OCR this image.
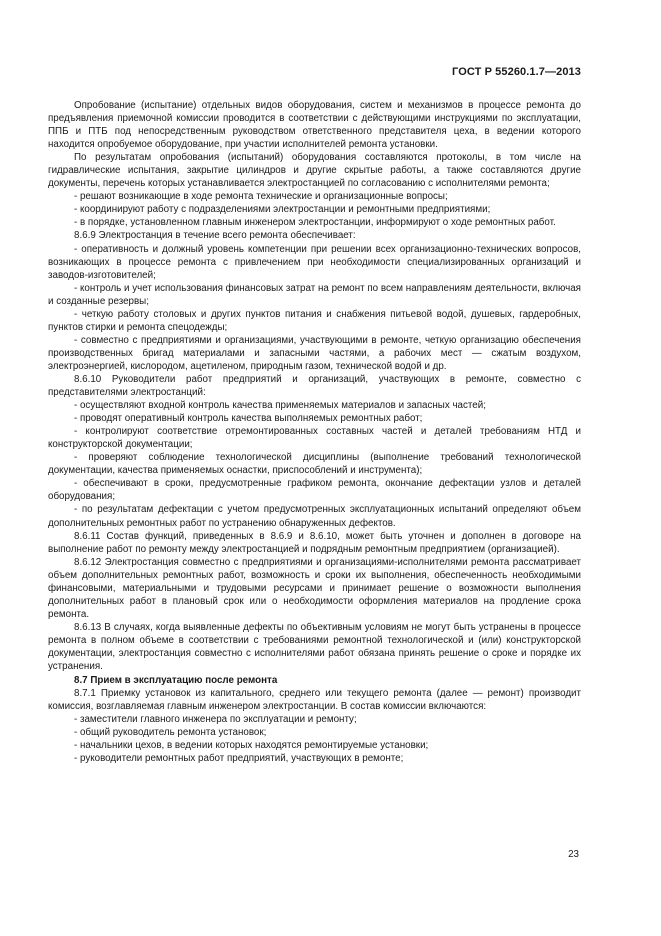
ГОСТ Р 55260.1.7—2013

Опробование (испытание) отдельных видов оборудования, систем и механизмов в процессе ремонта до предъявления приемочной комиссии проводится в соответствии с действующими инструкциями по эксплуатации, ППБ и ПТБ под непосредственным руководством ответственного представителя цеха, в ведении которого находится опробуемое оборудование, при участии исполнителей ремонта установки.

По результатам опробования (испытаний) оборудования составляются протоколы, в том числе на гидравлические испытания, закрытие цилиндров и другие скрытые работы, а также составляются другие документы, перечень которых устанавливается электростанцией по согласованию с исполнителями ремонта;

- решают возникающие в ходе ремонта технические и организационные вопросы;

- координируют работу с подразделениями электростанции и ремонтными предприятиями;

- в порядке, установленном главным инженером электростанции, информируют о ходе ремонтных работ.

8.6.9 Электростанция в течение всего ремонта обеспечивает:

- оперативность и должный уровень компетенции при решении всех организационно-технических вопросов, возникающих в процессе ремонта с привлечением при необходимости специализированных организаций и заводов-изготовителей;

- контроль и учет использования финансовых затрат на ремонт по всем направлениям деятельности, включая и созданные резервы;

- четкую работу столовых и других пунктов питания и снабжения питьевой водой, душевых, гардеробных, пунктов стирки и ремонта спецодежды;

- совместно с предприятиями и организациями, участвующими в ремонте, четкую организацию обеспечения производственных бригад материалами и запасными частями, а рабочих мест — сжатым воздухом, электроэнергией, кислородом, ацетиленом, природным газом, технической водой и др.

8.6.10 Руководители работ предприятий и организаций, участвующих в ремонте, совместно с представителями электростанций:

- осуществляют входной контроль качества применяемых материалов и запасных частей;

- проводят оперативный контроль качества выполняемых ремонтных работ;

- контролируют соответствие отремонтированных составных частей и деталей требованиям НТД и конструкторской документации;

- проверяют соблюдение технологической дисциплины (выполнение требований технологической документации, качества применяемых оснастки, приспособлений и инструмента);

- обеспечивают в сроки, предусмотренные графиком ремонта, окончание дефектации узлов и деталей оборудования;

- по результатам дефектации с учетом предусмотренных эксплуатационных испытаний определяют объем дополнительных ремонтных работ по устранению обнаруженных дефектов.

8.6.11 Состав функций, приведенных в 8.6.9 и 8.6.10, может быть уточнен и дополнен в договоре на выполнение работ по ремонту между электростанцией и подрядным ремонтным предприятием (организацией).

8.6.12 Электростанция совместно с предприятиями и организациями-исполнителями ремонта рассматривает объем дополнительных ремонтных работ, возможность и сроки их выполнения, обеспеченность необходимыми финансовыми, материальными и трудовыми ресурсами и принимает решение о возможности выполнения дополнительных работ в плановый срок или о необходимости оформления материалов на продление срока ремонта.

8.6.13 В случаях, когда выявленные дефекты по объективным условиям не могут быть устранены в процессе ремонта в полном объеме в соответствии с требованиями ремонтной технологической и (или) конструкторской документации, электростанция совместно с исполнителями работ обязана принять решение о сроке и порядке их устранения.

8.7 Прием в эксплуатацию после ремонта

8.7.1 Приемку установок из капитального, среднего или текущего ремонта (далее — ремонт) производит комиссия, возглавляемая главным инженером электростанции. В состав комиссии включаются:

- заместители главного инженера по эксплуатации и ремонту;

- общий руководитель ремонта установок;

- начальники цехов, в ведении которых находятся ремонтируемые установки;

- руководители ремонтных работ предприятий, участвующих в ремонте;

23
